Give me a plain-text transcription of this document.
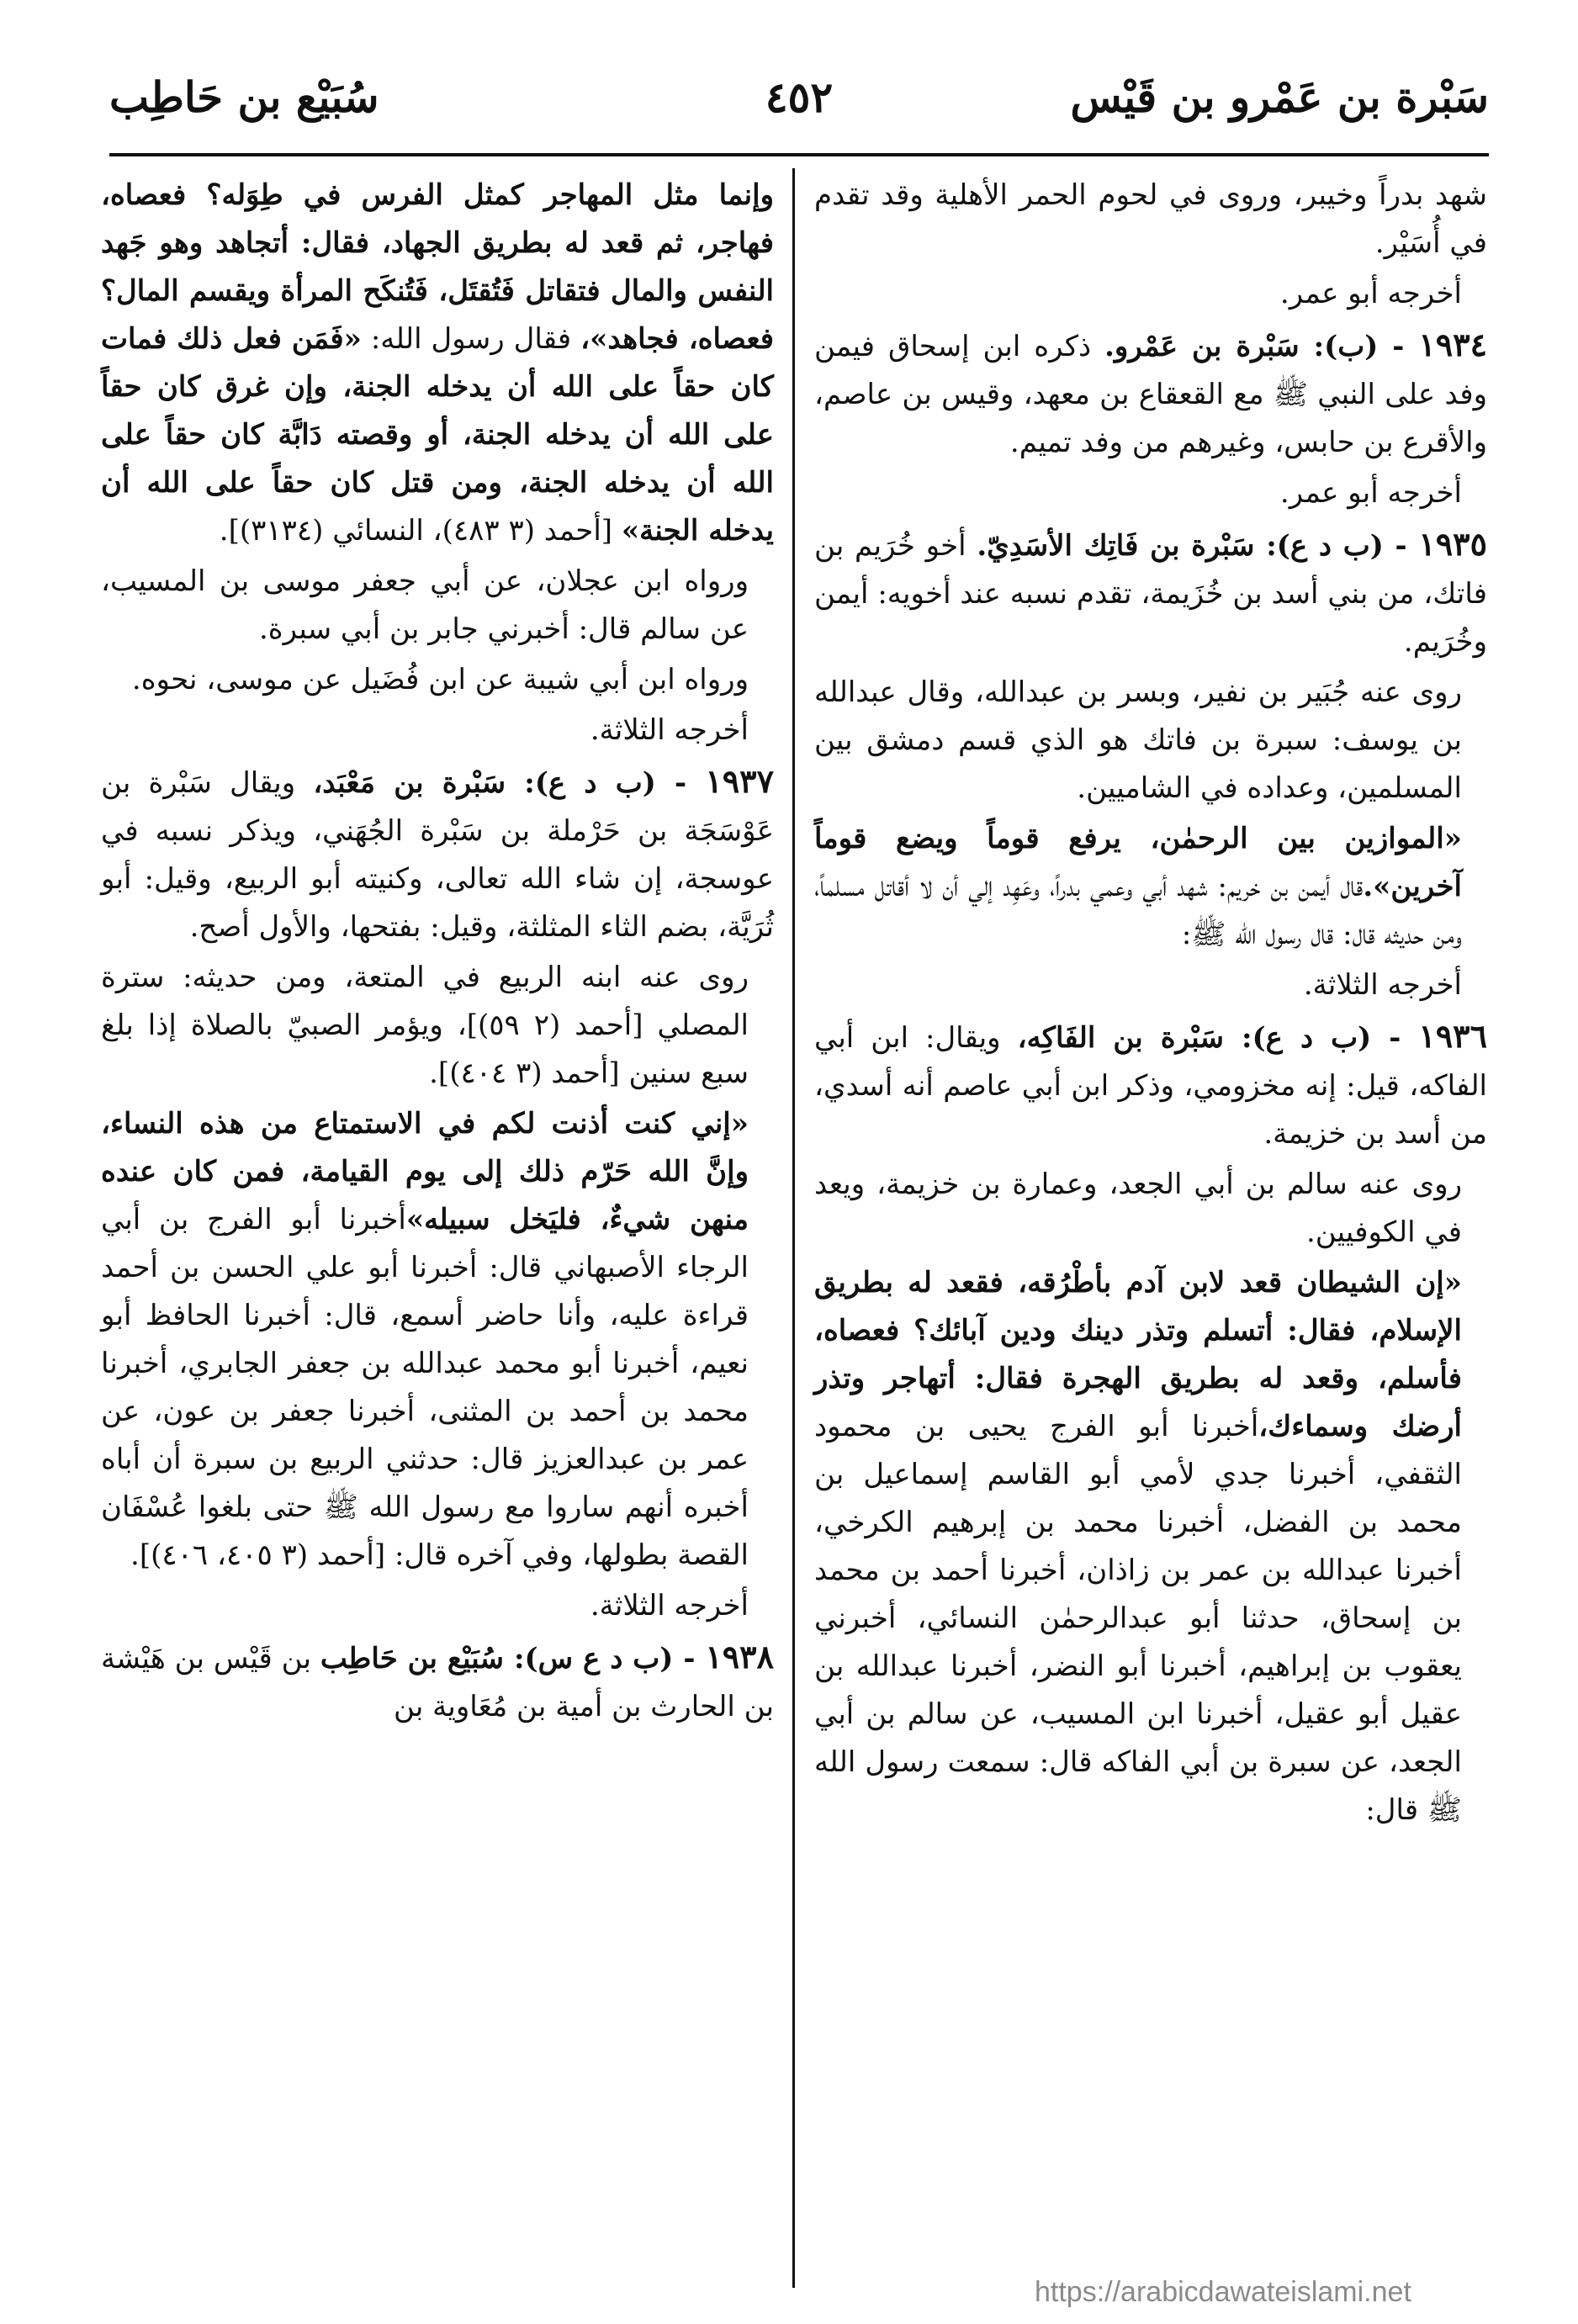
سَبْرة بن عَمْرو بن قَيْس
٤٥٢
سُبَيْع بن حَاطِب

شهد بدراً وخيبر، وروى في لحوم الحمر الأهلية وقد تقدم في أُسَيْر.

أخرجه أبو عمر.

١٩٣٤ - (ب): سَبْرة بن عَمْرو. ذكره ابن إسحاق فيمن وفد على النبي ﷺ مع القعقاع بن معهد، وقيس بن عاصم، والأقرع بن حابس، وغيرهم من وفد تميم.

أخرجه أبو عمر.

١٩٣٥ - (ب د ع): سَبْرة بن فَاتِك الأسَدِيّ. أخو خُرَيم بن فاتك، من بني أسد بن خُزَيمة، تقدم نسبه عند أخويه: أيمن وخُرَيم.

روى عنه جُبَير بن نفير، وبسر بن عبدالله، وقال عبدالله بن يوسف: سبرة بن فاتك هو الذي قسم دمشق بين المسلمين، وعداده في الشاميين.

«الموازين بين الرحمٰن، يرفع قوماً ويضع قوماً آخرين».قال أيمن بن خريم: شهد أبي وعمي بدراً، وعَهِد إلي أن لا أقاتل مسلماً، ومن حديثه قال: قال رسول الله ﷺ:

أخرجه الثلاثة.

١٩٣٦ - (ب د ع): سَبْرة بن الفَاكِه، ويقال: ابن أبي الفاكه، قيل: إنه مخزومي، وذكر ابن أبي عاصم أنه أسدي، من أسد بن خزيمة.

روى عنه سالم بن أبي الجعد، وعمارة بن خزيمة، ويعد في الكوفيين.

«إن الشيطان قعد لابن آدم بأطْرُقه، فقعد له بطريق الإسلام، فقال: أتسلم وتذر دينك ودين آبائك؟ فعصاه، فأسلم، وقعد له بطريق الهجرة فقال: أتهاجر وتذر أرضك وسماءك،أخبرنا أبو الفرج يحيى بن محمود الثقفي، أخبرنا جدي لأمي أبو القاسم إسماعيل بن محمد بن الفضل، أخبرنا محمد بن إبرهيم الكرخي، أخبرنا عبدالله بن عمر بن زاذان، أخبرنا أحمد بن محمد بن إسحاق، حدثنا أبو عبدالرحمٰن النسائي، أخبرني يعقوب بن إبراهيم، أخبرنا أبو النضر، أخبرنا عبدالله بن عقيل أبو عقيل، أخبرنا ابن المسيب، عن سالم بن أبي الجعد، عن سبرة بن أبي الفاكه قال: سمعت رسول الله ﷺ قال:

وإنما مثل المهاجر كمثل الفرس في طِوَله؟ فعصاه، فهاجر، ثم قعد له بطريق الجهاد، فقال: أتجاهد وهو جَهد النفس والمال فتقاتل فَتُقتَل، فَتُنكَح المرأة ويقسم المال؟ فعصاه، فجاهد»، فقال رسول الله: «فَمَن فعل ذلك فمات كان حقاً على الله أن يدخله الجنة، وإن غرق كان حقاً على الله أن يدخله الجنة، أو وقصته دَابَّة كان حقاً على الله أن يدخله الجنة، ومن قتل كان حقاً على الله أن يدخله الجنة» [أحمد (٣ ٤٨٣)، النسائي (٣١٣٤)].

ورواه ابن عجلان، عن أبي جعفر موسى بن المسيب، عن سالم قال: أخبرني جابر بن أبي سبرة.

ورواه ابن أبي شيبة عن ابن فُضَيل عن موسى، نحوه.

أخرجه الثلاثة.

١٩٣٧ - (ب د ع): سَبْرة بن مَعْبَد، ويقال سَبْرة بن عَوْسَجَة بن حَرْملة بن سَبْرة الجُهَني، ويذكر نسبه في عوسجة، إن شاء الله تعالى، وكنيته أبو الربيع، وقيل: أبو ثُرَيَّة، بضم الثاء المثلثة، وقيل: بفتحها، والأول أصح.

روى عنه ابنه الربيع في المتعة، ومن حديثه: سترة المصلي [أحمد (٢ ٥٩)]، ويؤمر الصبيّ بالصلاة إذا بلغ سبع سنين [أحمد (٣ ٤٠٤)].

«إني كنت أذنت لكم في الاستمتاع من هذه النساء، وإنَّ الله حَرّم ذلك إلى يوم القيامة، فمن كان عنده منهن شيءٌ، فليَخل سبيله»أخبرنا أبو الفرج بن أبي الرجاء الأصبهاني قال: أخبرنا أبو علي الحسن بن أحمد قراءة عليه، وأنا حاضر أسمع، قال: أخبرنا الحافظ أبو نعيم، أخبرنا أبو محمد عبدالله بن جعفر الجابري، أخبرنا محمد بن أحمد بن المثنى، أخبرنا جعفر بن عون، عن عمر بن عبدالعزيز قال: حدثني الربيع بن سبرة أن أباه أخبره أنهم ساروا مع رسول الله ﷺ حتى بلغوا عُسْفَان القصة بطولها، وفي آخره قال: [أحمد (٣ ٤٠٥، ٤٠٦)].

أخرجه الثلاثة.

١٩٣٨ - (ب د ع س): سُبَيْع بن حَاطِب بن قَيْس بن هَيْشة بن الحارث بن أمية بن مُعَاوية بن

https://arabicdawateislami.net
